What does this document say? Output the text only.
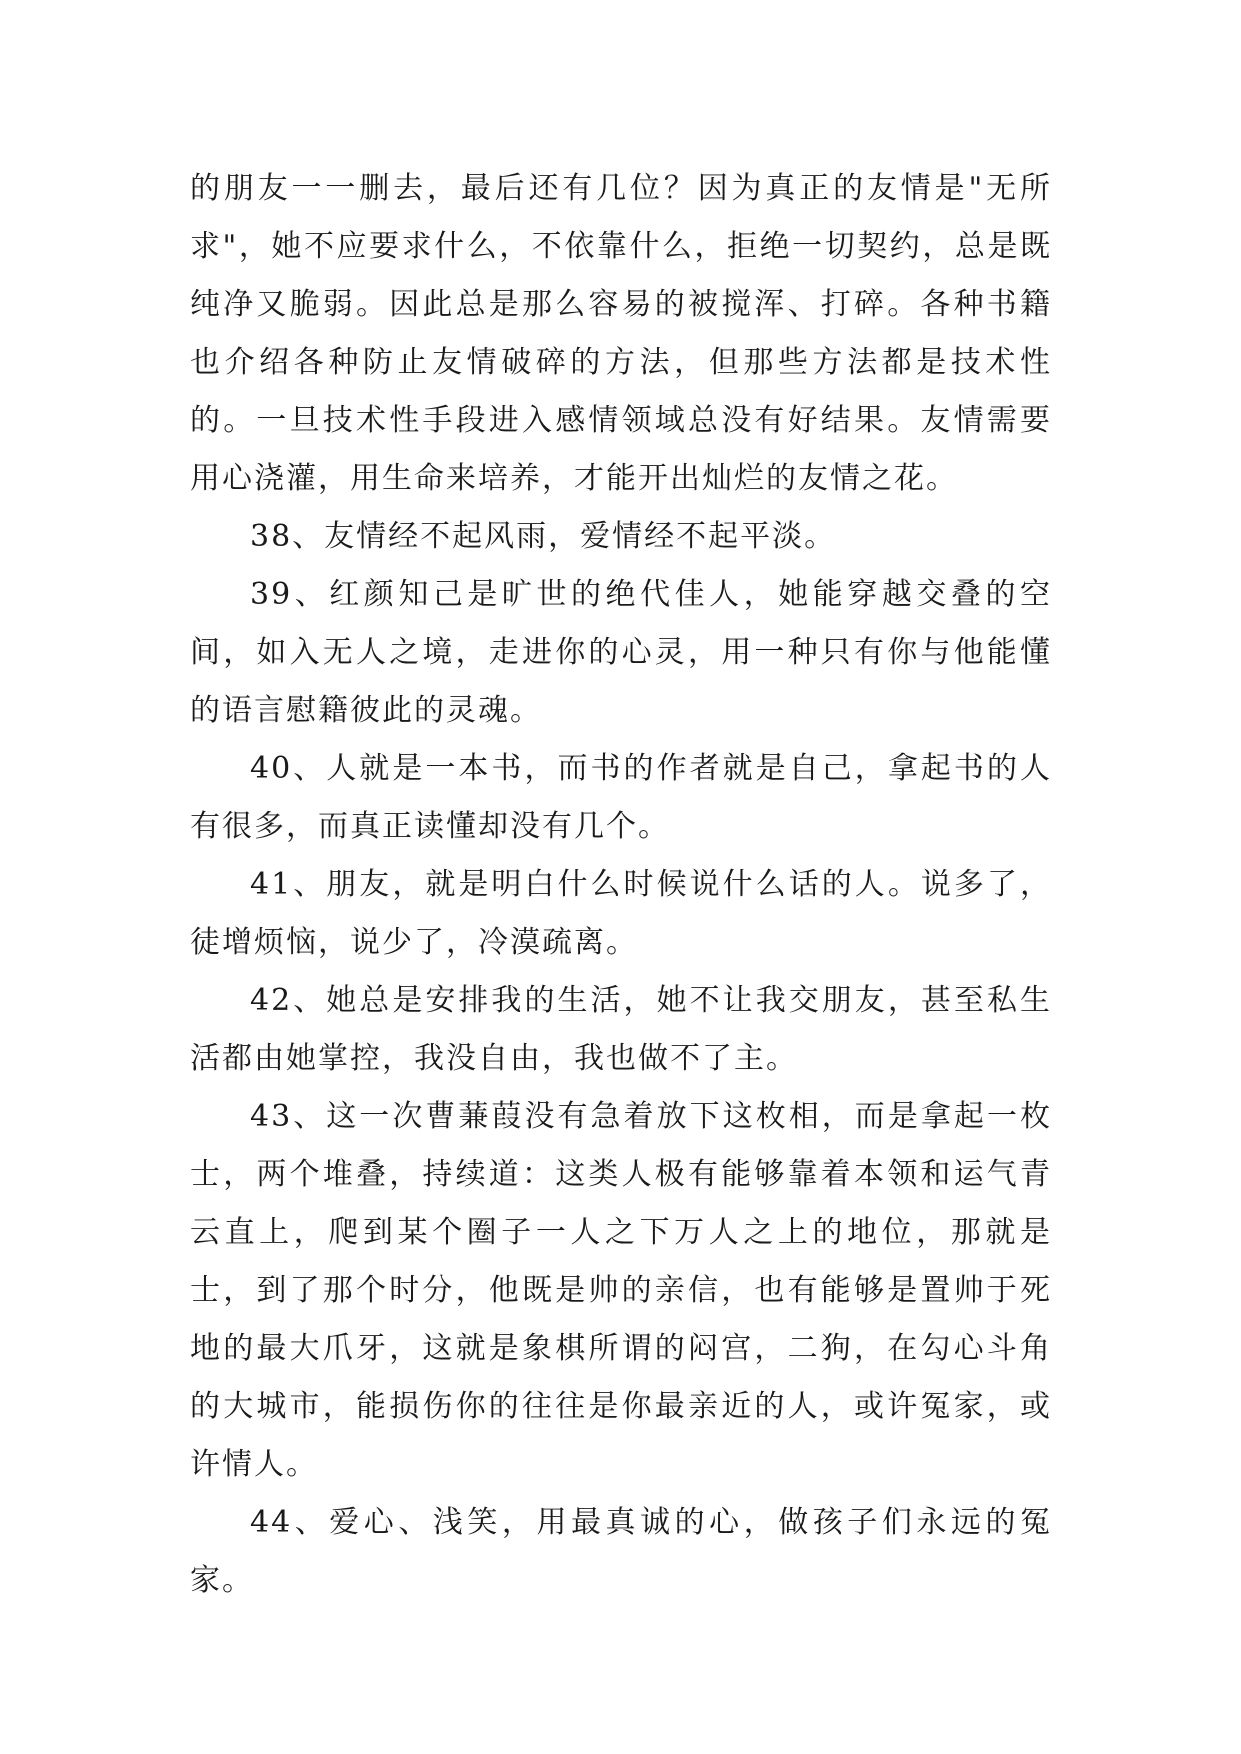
的朋友一一删去，最后还有几位？因为真正的友情是"无所求"，她不应要求什么，不依靠什么，拒绝一切契约，总是既纯净又脆弱。因此总是那么容易的被搅浑、打碎。各种书籍也介绍各种防止友情破碎的方法，但那些方法都是技术性的。一旦技术性手段进入感情领域总没有好结果。友情需要用心浇灌，用生命来培养，才能开出灿烂的友情之花。

38、友情经不起风雨，爱情经不起平淡。

39、红颜知己是旷世的绝代佳人，她能穿越交叠的空间，如入无人之境，走进你的心灵，用一种只有你与他能懂的语言慰籍彼此的灵魂。

40、人就是一本书，而书的作者就是自己，拿起书的人有很多，而真正读懂却没有几个。

41、朋友，就是明白什么时候说什么话的人。说多了，徒增烦恼，说少了，冷漠疏离。

42、她总是安排我的生活，她不让我交朋友，甚至私生活都由她掌控，我没自由，我也做不了主。

43、这一次曹蒹葭没有急着放下这枚相，而是拿起一枚士，两个堆叠，持续道：这类人极有能够靠着本领和运气青云直上，爬到某个圈子一人之下万人之上的地位，那就是士，到了那个时分，他既是帅的亲信，也有能够是置帅于死地的最大爪牙，这就是象棋所谓的闷宫，二狗，在勾心斗角的大城市，能损伤你的往往是你最亲近的人，或许冤家，或许情人。

44、爱心、浅笑，用最真诚的心，做孩子们永远的冤家。
